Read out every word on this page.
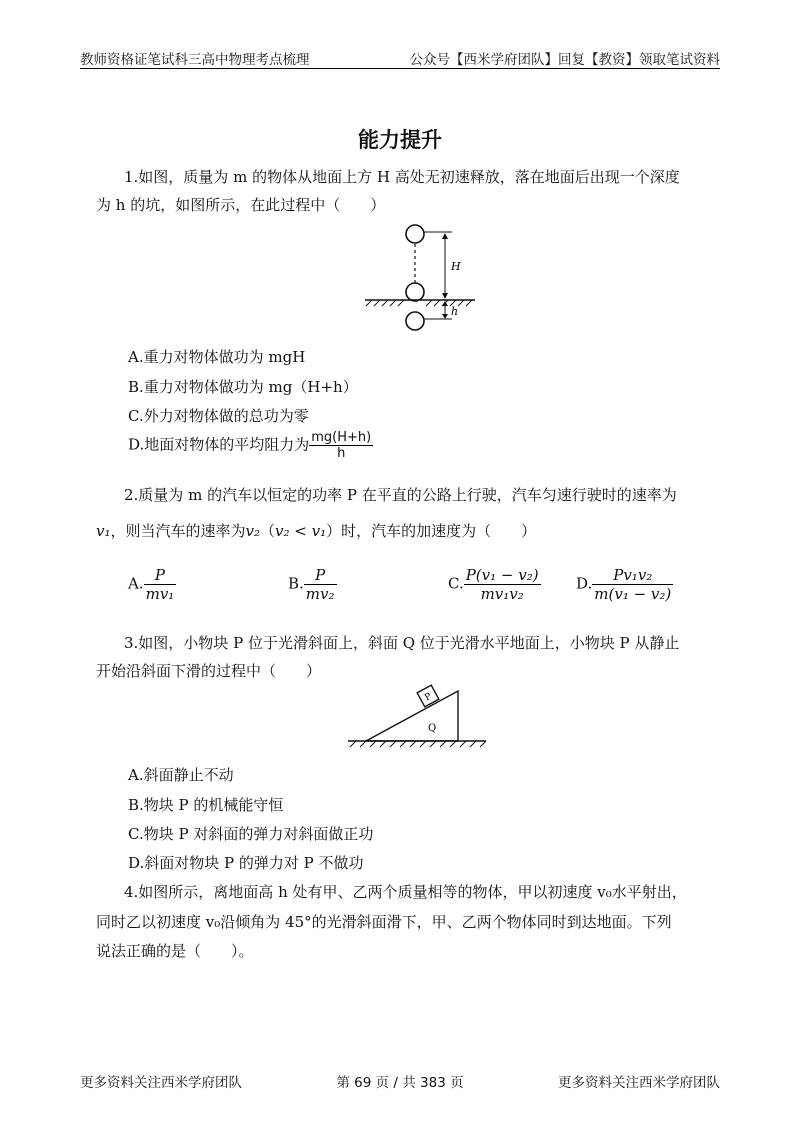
教师资格证笔试科三高中物理考点梳理	公众号【西米学府团队】回复【教资】领取笔试资料
能力提升
1.如图，质量为 m 的物体从地面上方 H 高处无初速释放，落在地面后出现一个深度
为 h 的坑，如图所示，在此过程中（　　）
H
h
A.重力对物体做功为 mgH
B.重力对物体做功为 mg（H+h）
C.外力对物体做的总功为零
D.地面对物体的平均阻力为 $\frac{mg(H+h)}{h}$
2.质量为 m 的汽车以恒定的功率 P 在平直的公路上行驶，汽车匀速行驶时的速率为
v₁，则当汽车的速率为v₂（v₂ < v₁）时，汽车的加速度为（　　）
A. $\frac{P}{\text{mv₁}}$	B. $\frac{P}{\text{mv₂}}$	C. $\frac{\text{P(v₁ − v₂)}}{\text{mv₁v₂}} D$. $\frac{\text{Pv₁v₂}}{\text{m(v₁ − v₂)}}$
3.如图，小物块 P 位于光滑斜面上，斜面 Q 位于光滑水平地面上，小物块 P 从静止
开始沿斜面下滑的过程中（　　）
P
Q
A.斜面静止不动
B.物块 P 的机械能守恒
C.物块 P 对斜面的弹力对斜面做正功
D.斜面对物块 P 的弹力对 P 不做功
4.如图所示，离地面高 h 处有甲、乙两个质量相等的物体，甲以初速度 v₀水平射出，
同时乙以初速度 v₀沿倾角为 45°的光滑斜面滑下，甲、乙两个物体同时到达地面。下列
说法正确的是（　　）。
更多资料关注西米学府团队	第 69 页 / 共 383 页	更多资料关注西米学府团队
